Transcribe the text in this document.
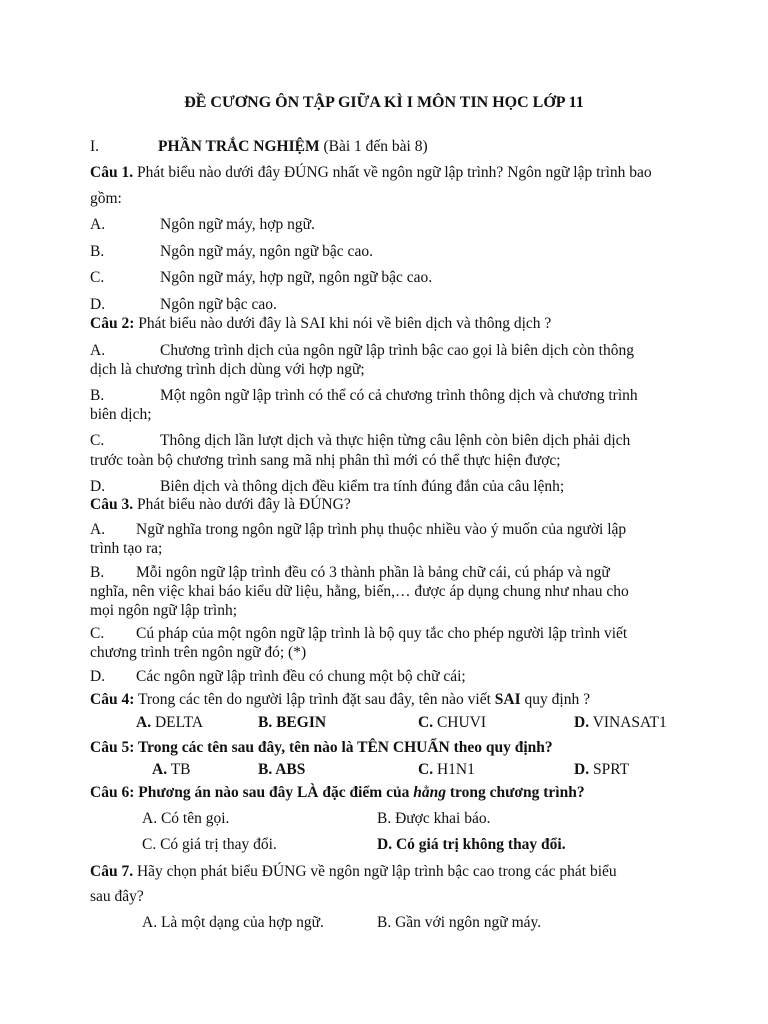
ĐỀ CƯƠNG ÔN TẬP GIỮA KÌ I MÔN TIN HỌC LỚP 11
I.	PHẦN TRẮC NGHIỆM (Bài 1 đến bài 8)
Câu 1. Phát biểu nào dưới đây ĐÚNG nhất về ngôn ngữ lập trình? Ngôn ngữ lập trình bao
gồm:
A.	Ngôn ngữ máy, hợp ngữ.
B.	Ngôn ngữ máy, ngôn ngữ bậc cao.
C.	Ngôn ngữ máy, hợp ngữ, ngôn ngữ bậc cao.
D.	Ngôn ngữ bậc cao.
Câu 2: Phát biểu nào dưới đây là SAI khi nói về biên dịch và thông dịch ?
A.	Chương trình dịch của ngôn ngữ lập trình bậc cao gọi là biên dịch còn thông
dịch là chương trình dịch dùng với hợp ngữ;
B.	Một ngôn ngữ lập trình có thể có cả chương trình thông dịch và chương trình
biên dịch;
C.	Thông dịch lần lượt dịch và thực hiện từng câu lệnh còn biên dịch phải dịch
trước toàn bộ chương trình sang mã nhị phân thì mới có thể thực hiện được;
D.	Biên dịch và thông dịch đều kiểm tra tính đúng đắn của câu lệnh;
Câu 3. Phát biểu nào dưới đây là ĐÚNG?
A. Ngữ nghĩa trong ngôn ngữ lập trình phụ thuộc nhiều vào ý muốn của người lập
trình tạo ra;
B. Mỗi ngôn ngữ lập trình đều có 3 thành phần là bảng chữ cái, cú pháp và ngữ
nghĩa, nên việc khai báo kiểu dữ liệu, hằng, biến,… được áp dụng chung như nhau cho
mọi ngôn ngữ lập trình;
C. Cú pháp của một ngôn ngữ lập trình là bộ quy tắc cho phép người lập trình viết
chương trình trên ngôn ngữ đó; (*)
D. Các ngôn ngữ lập trình đều có chung một bộ chữ cái;
Câu 4: Trong các tên do người lập trình đặt sau đây, tên nào viết SAI quy định ?
A. DELTA	B. BEGIN	C. CHUVI	D. VINASAT1
Câu 5: Trong các tên sau đây, tên nào là TÊN CHUẨN theo quy định?
A. TB	B. ABS	C. H1N1	D. SPRT
Câu 6: Phương án nào sau đây LÀ đặc điểm của hằng trong chương trình?
A. Có tên gọi.	B. Được khai báo.
C. Có giá trị thay đổi.	D. Có giá trị không thay đổi.
Câu 7. Hãy chọn phát biểu ĐÚNG về ngôn ngữ lập trình bậc cao trong các phát biểu
sau đây?
A. Là một dạng của hợp ngữ.	B. Gần với ngôn ngữ máy.
